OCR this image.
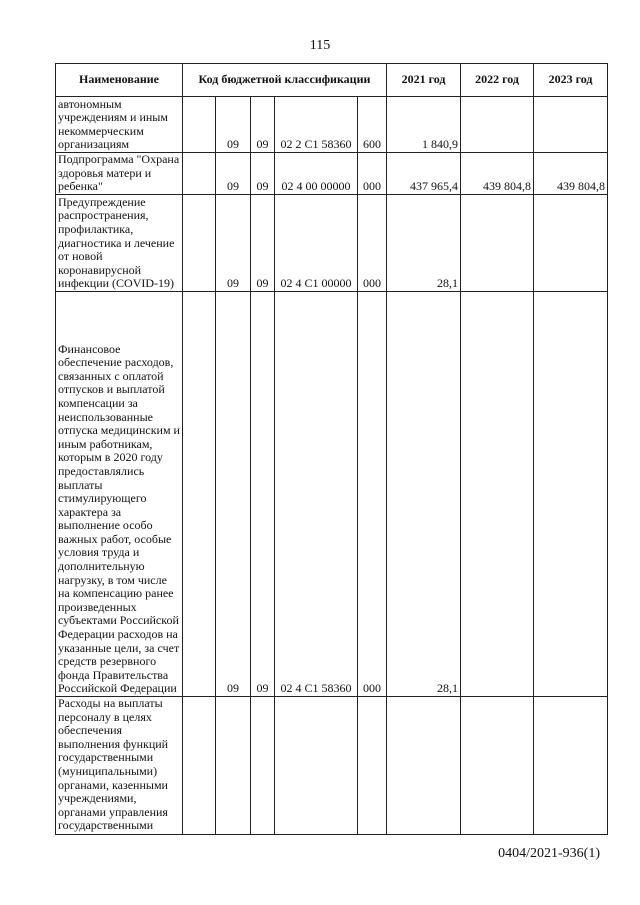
115
Наименование	Код бюджетной классификации					2021 год	2022 год	2023 год
автономным учреждениям и иным некоммерческим организациям		09	09	02 2 С1 58360	600	1 840,9		
Подпрограмма "Охрана здоровья матери и ребенка"		09	09	02 4 00 00000	000	437 965,4	439 804,8	439 804,8
Предупреждение распространения, профилактика, диагностика и лечение от новой коронавирусной инфекции (COVID-19)		09	09	02 4 С1 00000	000	28,1		
Финансовое обеспечение расходов, связанных с оплатой отпусков и выплатой компенсации за неиспользованные отпуска медицинским и иным работникам, которым в 2020 году предоставлялись выплаты стимулирующего характера за выполнение особо важных работ, особые условия труда и дополнительную нагрузку, в том числе на компенсацию ранее произведенных субъектами Российской Федерации расходов на указанные цели, за счет средств резервного фонда Правительства Российской Федерации		09	09	02 4 С1 58360	000	28,1		
Расходы на выплаты персоналу в целях обеспечения выполнения функций государственными (муниципальными) органами, казенными учреждениями, органами управления государственными								
0404/2021-936(1)
